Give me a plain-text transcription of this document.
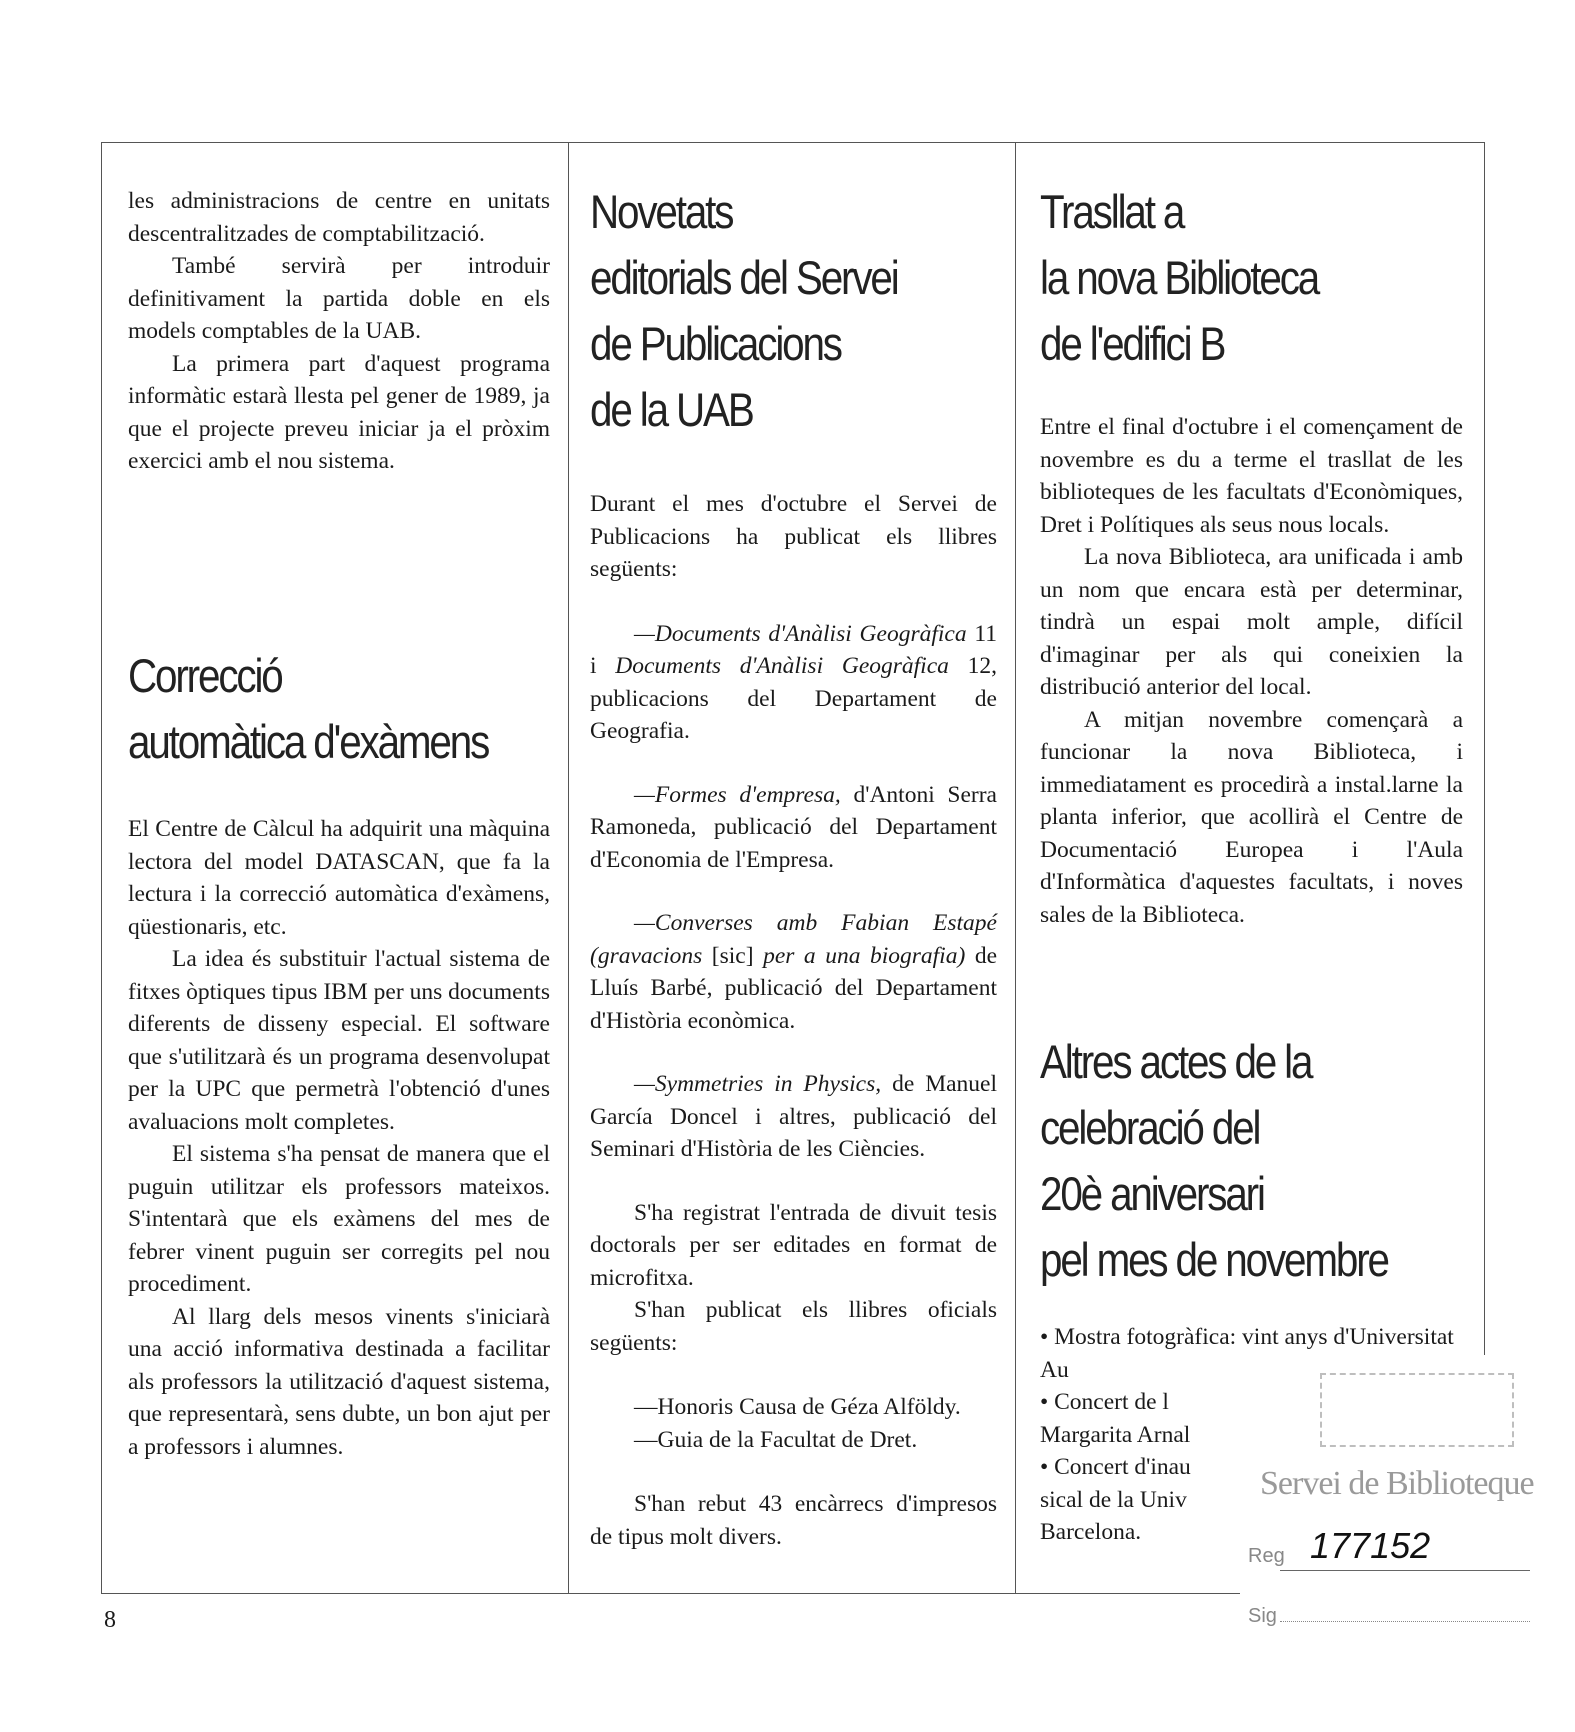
les administracions de centre en unitats descentralitzades de comptabilització.

També servirà per introduir definitivament la partida doble en els models comptables de la UAB.

La primera part d'aquest programa informàtic estarà llesta pel gener de 1989, ja que el projecte preveu iniciar ja el pròxim exercici amb el nou sistema.

Correcció
automàtica d'exàmens

El Centre de Càlcul ha adquirit una màquina lectora del model DATASCAN, que fa la lectura i la correcció automàtica d'exàmens, qüestionaris, etc.

La idea és substituir l'actual sistema de fitxes òptiques tipus IBM per uns documents diferents de disseny especial. El software que s'utilitzarà és un programa desenvolupat per la UPC que permetrà l'obtenció d'unes avaluacions molt completes.

El sistema s'ha pensat de manera que el puguin utilitzar els professors mateixos. S'intentarà que els exàmens del mes de febrer vinent puguin ser corregits pel nou procediment.

Al llarg dels mesos vinents s'iniciarà una acció informativa destinada a facilitar als professors la utilització d'aquest sistema, que representarà, sens dubte, un bon ajut per a professors i alumnes.

Novetats
editorials del Servei
de Publicacions
de la UAB

Durant el mes d'octubre el Servei de Publicacions ha publicat els llibres següents:

—Documents d'Anàlisi Geogràfica 11 i Documents d'Anàlisi Geogràfica 12, publicacions del Departament de Geografia.

—Formes d'empresa, d'Antoni Serra Ramoneda, publicació del Departament d'Economia de l'Empresa.

—Converses amb Fabian Estapé (gravacions [sic] per a una biografia) de Lluís Barbé, publicació del Departament d'Història econòmica.

—Symmetries in Physics, de Manuel García Doncel i altres, publicació del Seminari d'Història de les Ciències.

S'ha registrat l'entrada de divuit tesis doctorals per ser editades en format de microfitxa.

S'han publicat els llibres oficials següents:

—Honoris Causa de Géza Alföldy.

—Guia de la Facultat de Dret.

S'han rebut 43 encàrrecs d'impresos de tipus molt divers.

Trasllat a
la nova Biblioteca
de l'edifici B

Entre el final d'octubre i el començament de novembre es du a terme el trasllat de les biblioteques de les facultats d'Econòmiques, Dret i Polítiques als seus nous locals.

La nova Biblioteca, ara unificada i amb un nom que encara està per determinar, tindrà un espai molt ample, difícil d'imaginar per als qui coneixien la distribució anterior del local.

A mitjan novembre començarà a funcionar la nova Biblioteca, i immediatament es procedirà a instal.larne la planta inferior, que acollirà el Centre de Documentació Europea i l'Aula d'Informàtica d'aquestes facultats, i noves sales de la Biblioteca.

Altres actes de la
celebració del
20è aniversari
pel mes de novembre

• Mostra fotogràfica: vint anys d'Universitat Au

• Concert de l

Margarita Arnal

• Concert d'inau

sical de la Univ

Barcelona.

8
Servei de Biblioteque
Reg 177152
Sig
